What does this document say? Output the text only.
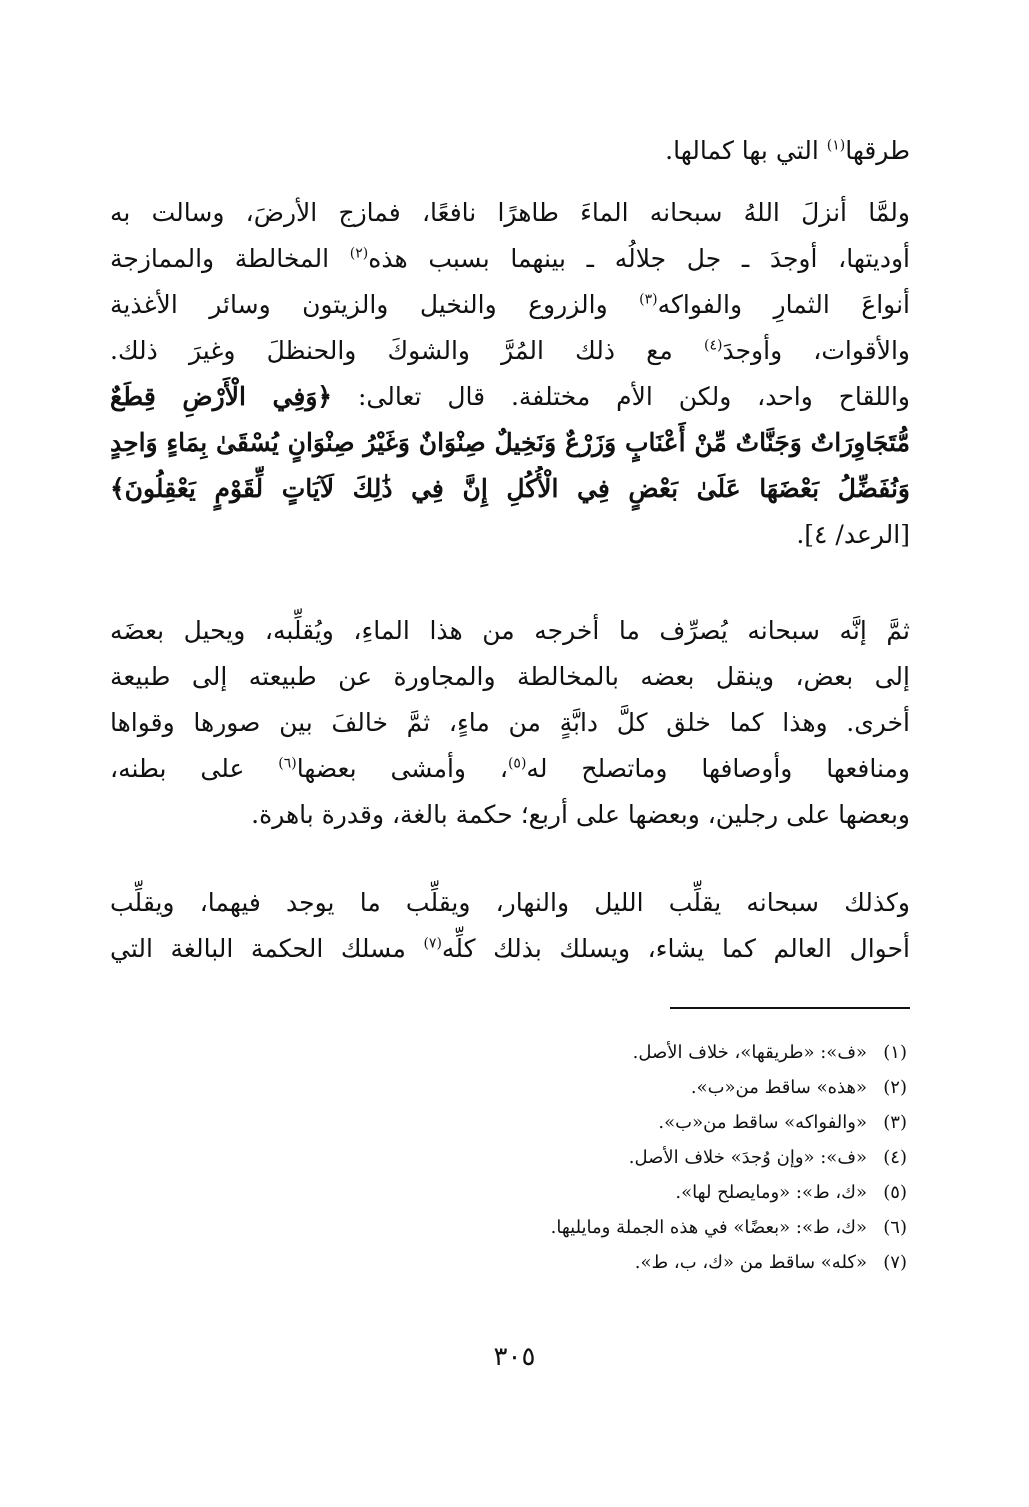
طرقها$^{(١)}$ التي بها كمالها.
ولمَّا أنزلَ اللهُ سبحانه الماءَ طاهرًا نافعًا، فمازج الأرضَ، وسالت به
أوديتها، أوجدَ ـ جل جلالُه ـ بينهما بسبب هذه$^{(٢)}$ المخالطة والممازجة
أنواعَ الثمارِ والفواكه$^{(٣)}$ والزروع والنخيل والزيتون وسائر الأغذية
والأقوات، وأوجدَ$^{(٤)}$ مع ذلك المُرَّ والشوكَ والحنظلَ وغيرَ ذلك.
واللقاح واحد، ولكن الأم مختلفة. قال تعالى: ﴿وَفِي الْأَرْضِ قِطَعٌ
مُّتَجَاوِرَاتٌ وَجَنَّاتٌ مِّنْ أَعْنَابٍ وَزَرْعٌ وَنَخِيلٌ صِنْوَانٌ وَغَيْرُ صِنْوَانٍ يُسْقَىٰ بِمَاءٍ وَاحِدٍ
وَنُفَضِّلُ بَعْضَهَا عَلَىٰ بَعْضٍ فِي الْأُكُلِ إِنَّ فِي ذَٰلِكَ لَآيَاتٍ لِّقَوْمٍ يَعْقِلُونَ﴾
[الرعد/ ٤].
ثمَّ إنَّه سبحانه يُصرِّف ما أخرجه من هذا الماءِ، ويُقلِّبه، ويحيل بعضَه
إلى بعض، وينقل بعضه بالمخالطة والمجاورة عن طبيعته إلى طبيعة
أخرى. وهذا كما خلق كلَّ دابَّةٍ من ماءٍ، ثمَّ خالفَ بين صورها وقواها
ومنافعها وأوصافها وماتصلح له$^{(٥)}$، وأمشى بعضها$^{(٦)}$ على بطنه،
وبعضها على رجلين، وبعضها على أربع؛ حكمة بالغة، وقدرة باهرة.
وكذلك سبحانه يقلِّب الليل والنهار، ويقلِّب ما يوجد فيهما، ويقلِّب
أحوال العالم كما يشاء، ويسلك بذلك كلِّه$^{(٧)}$ مسلك الحكمة البالغة التي
(١)«ف»: «طريقها»، خلاف الأصل.
(٢)«هذه» ساقط من«ب».
(٣)«والفواكه» ساقط من«ب».
(٤)«ف»: «وإن وُجدَ» خلاف الأصل.
(٥)«ك، ط»: «ومايصلح لها».
(٦)«ك، ط»: «بعضًا» في هذه الجملة ومايليها.
(٧)«كله» ساقط من «ك، ب، ط».
٣٠٥
